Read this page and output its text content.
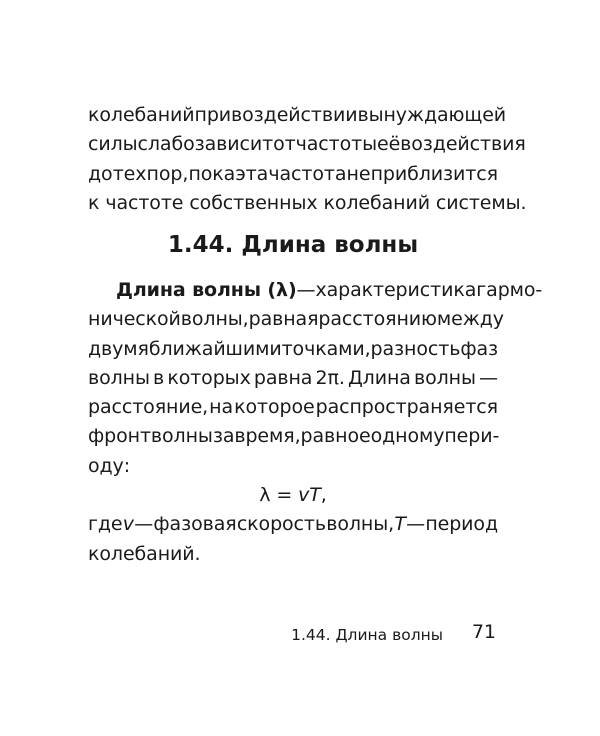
колебаний при воздействии вынуждающей
силы слабо зависит от частоты её воздействия
до тех пор, пока эта частота не приблизится
к частоте собственных колебаний системы.
1.44. Длина волны
Длина волны (λ) — характеристика гармо-
нической волны, равная расстоянию между
двумя ближайшими точками, разность фаз
волны в которых равна 2π. Длина волны —
расстояние, на которое распространяется
фронт волны за время, равное одному пери-
оду:
λ = vT,
где v — фазовая скорость волны, T — период
колебаний.
1.44. Длина волны 71
